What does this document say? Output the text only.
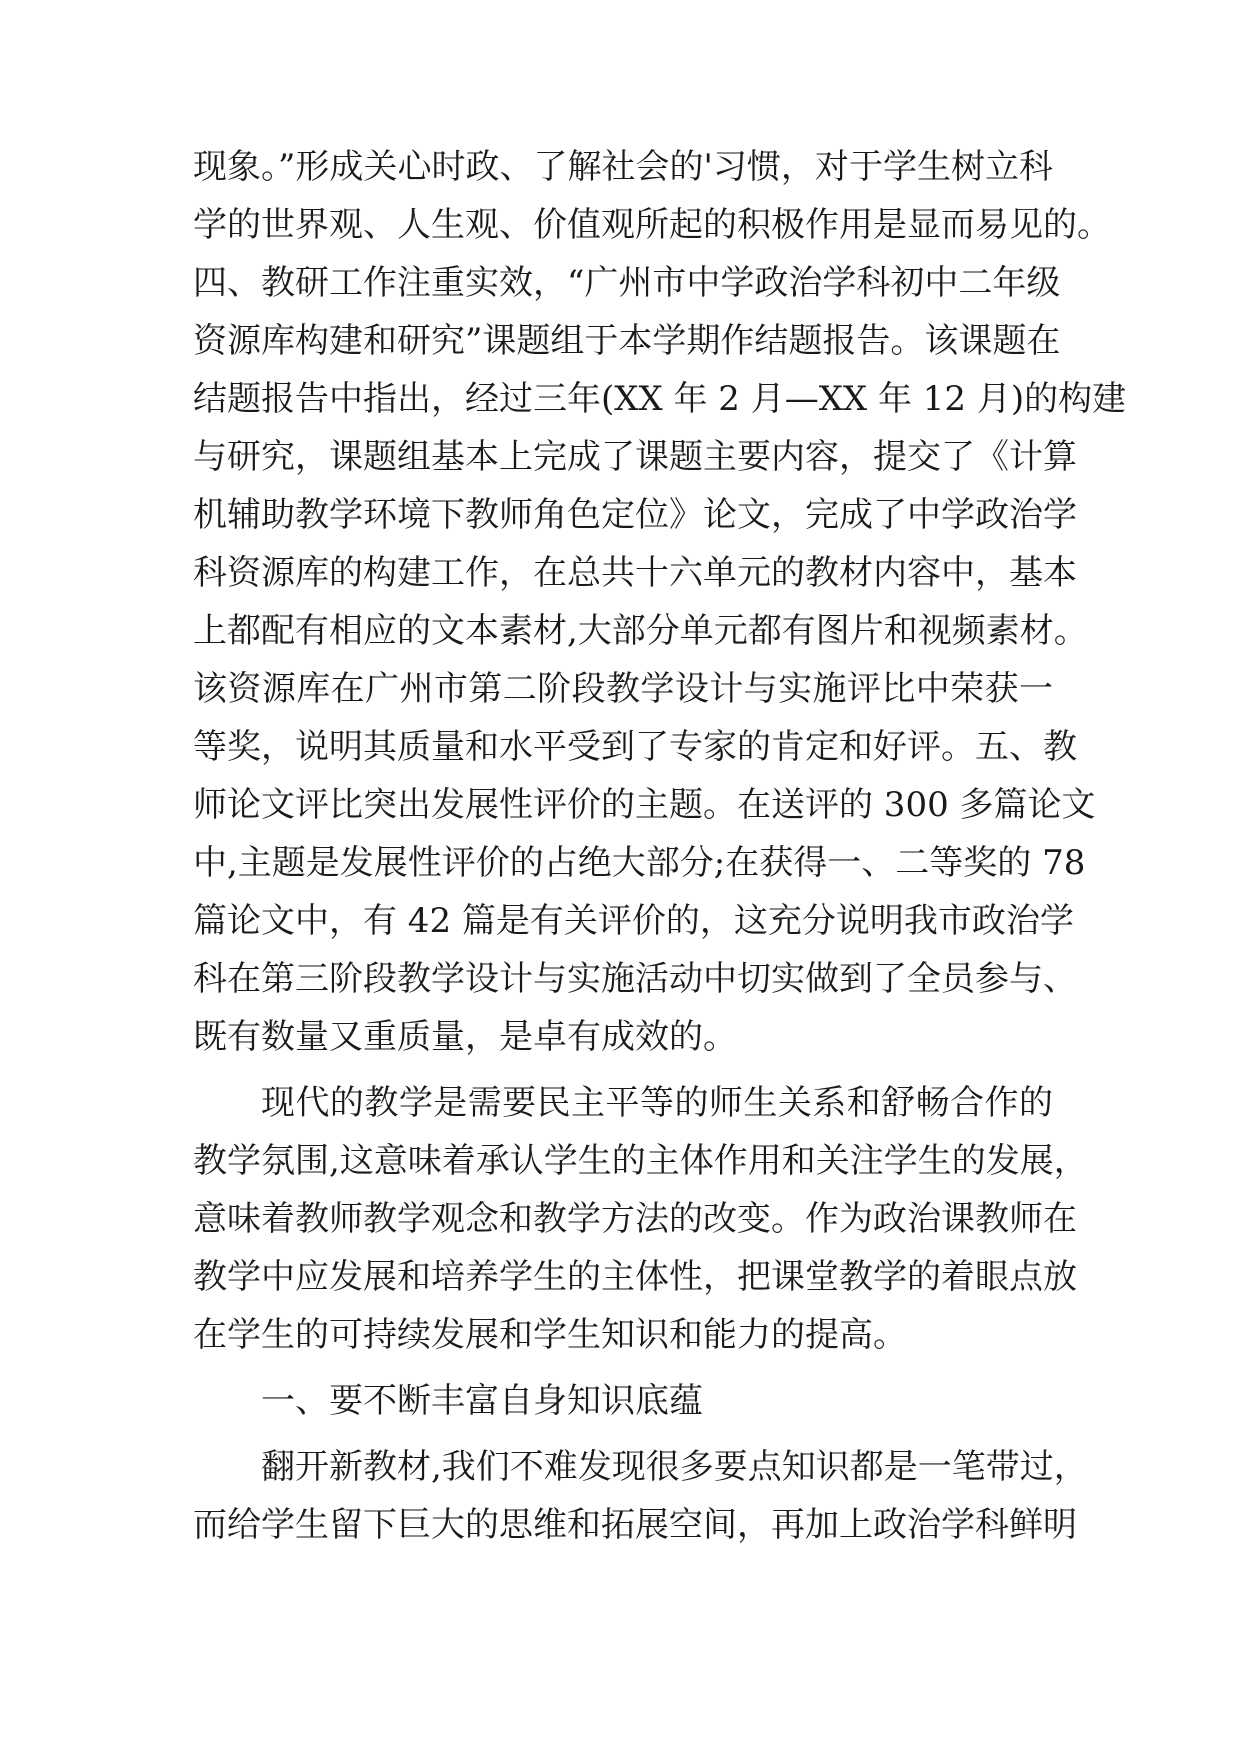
现象。”形成关心时政、了解社会的'习惯，对于学生树立科
学的世界观、人生观、价值观所起的积极作用是显而易见的。
四、教研工作注重实效，“广州市中学政治学科初中二年级
资源库构建和研究”课题组于本学期作结题报告。该课题在
结题报告中指出，经过三年(XX 年 2 月—XX 年 12 月)的构建
与研究，课题组基本上完成了课题主要内容，提交了《计算
机辅助教学环境下教师角色定位》论文，完成了中学政治学
科资源库的构建工作，在总共十六单元的教材内容中，基本
上都配有相应的文本素材,大部分单元都有图片和视频素材。
该资源库在广州市第二阶段教学设计与实施评比中荣获一
等奖，说明其质量和水平受到了专家的肯定和好评。五、教
师论文评比突出发展性评价的主题。在送评的 300 多篇论文
中,主题是发展性评价的占绝大部分;在获得一、二等奖的 78
篇论文中，有 42 篇是有关评价的，这充分说明我市政治学
科在第三阶段教学设计与实施活动中切实做到了全员参与、
既有数量又重质量，是卓有成效的。
现代的教学是需要民主平等的师生关系和舒畅合作的
教学氛围,这意味着承认学生的主体作用和关注学生的发展，
意味着教师教学观念和教学方法的改变。作为政治课教师在
教学中应发展和培养学生的主体性，把课堂教学的着眼点放
在学生的可持续发展和学生知识和能力的提高。
一、要不断丰富自身知识底蕴
翻开新教材,我们不难发现很多要点知识都是一笔带过，
而给学生留下巨大的思维和拓展空间，再加上政治学科鲜明
